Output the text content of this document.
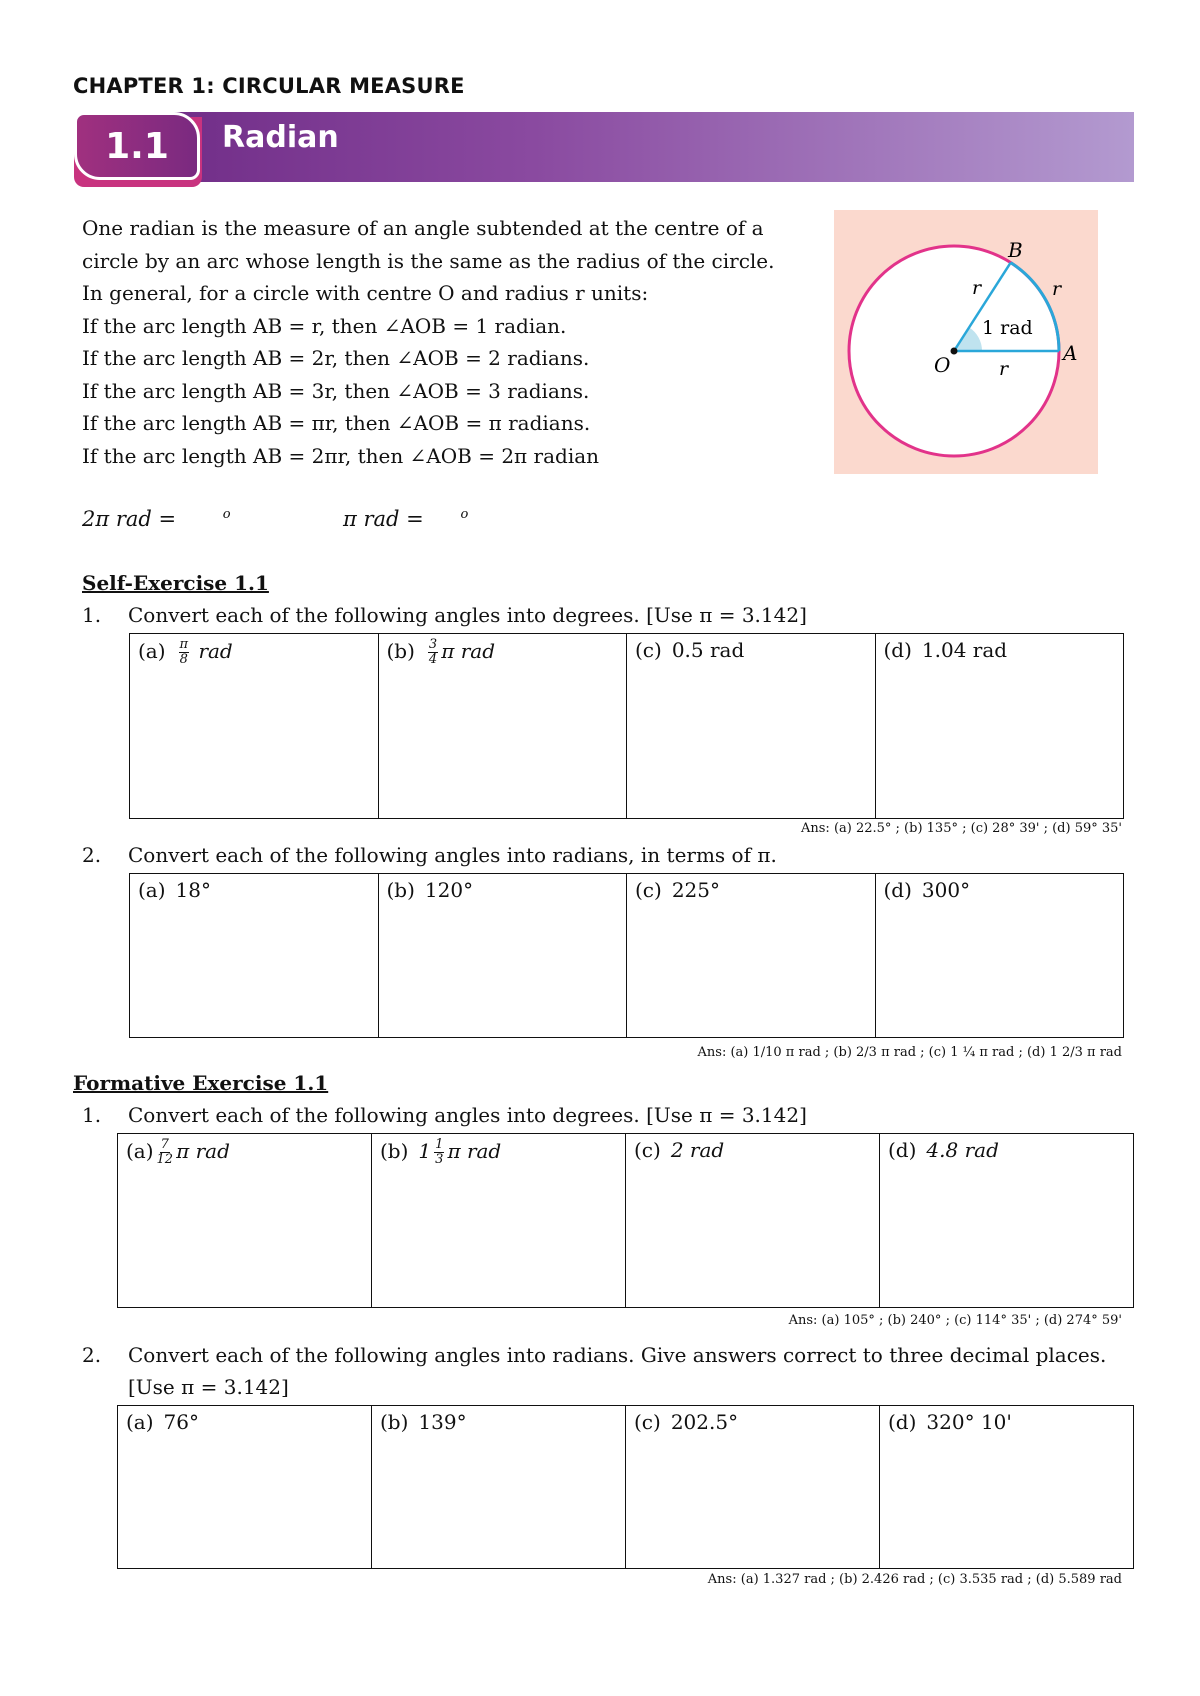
CHAPTER 1: CIRCULAR MEASURE
1.1	Radian
One radian is the measure of an angle subtended at the centre of a
circle by an arc whose length is the same as the radius of the circle.
In general, for a circle with centre O and radius r units:
If the arc length AB = r, then ∠AOB = 1 radian.
If the arc length AB = 2r, then ∠AOB = 2 radians.
If the arc length AB = 3r, then ∠AOB = 3 radians.
If the arc length AB = πr, then ∠AOB = π radians.
If the arc length AB = 2πr, then ∠AOB = 2π radian
O	A
B
r	r
r
1 rad
2π rad =	$^o$	π rad = $^o$
Self-Exercise 1.1
1.	Convert each of the following angles into degrees. [Use π = 3.142]
$(a) \frac{\pi}{8}$ rad	$(b) \frac{3}{4}$ π rad	(c) 0.5 rad	(d) 1.04 rad
Ans: (a) 22.5° ; (b) 135° ; (c) 28° 39' ; (d) 59° 35'
2.	Convert each of the following angles into radians, in terms of π.
(a) 18°	(b) 120°	(c) 225°	(d) 300°
Ans: (a) 1/10 π rad ; (b) 2/3 π rad ; (c) 1 ¼ π rad ; (d) 1 2/3 π rad
Formative Exercise 1.1
1.	Convert each of the following angles into degrees. [Use π = 3.142]
$(a) \frac{7}{12}$ π rad	(b) $1 \frac{1}{3}$ π rad	(c) 2 rad	(d) 4.8 rad
Ans: (a) 105° ; (b) 240° ; (c) 114° 35' ; (d) 274° 59'
2.	Convert each of the following angles into radians. Give answers correct to three decimal places.
[Use π = 3.142]
(a) 76°	(b) 139°	(c) 202.5°	(d) 320° 10'
Ans: (a) 1.327 rad ; (b) 2.426 rad ; (c) 3.535 rad ; (d) 5.589 rad
